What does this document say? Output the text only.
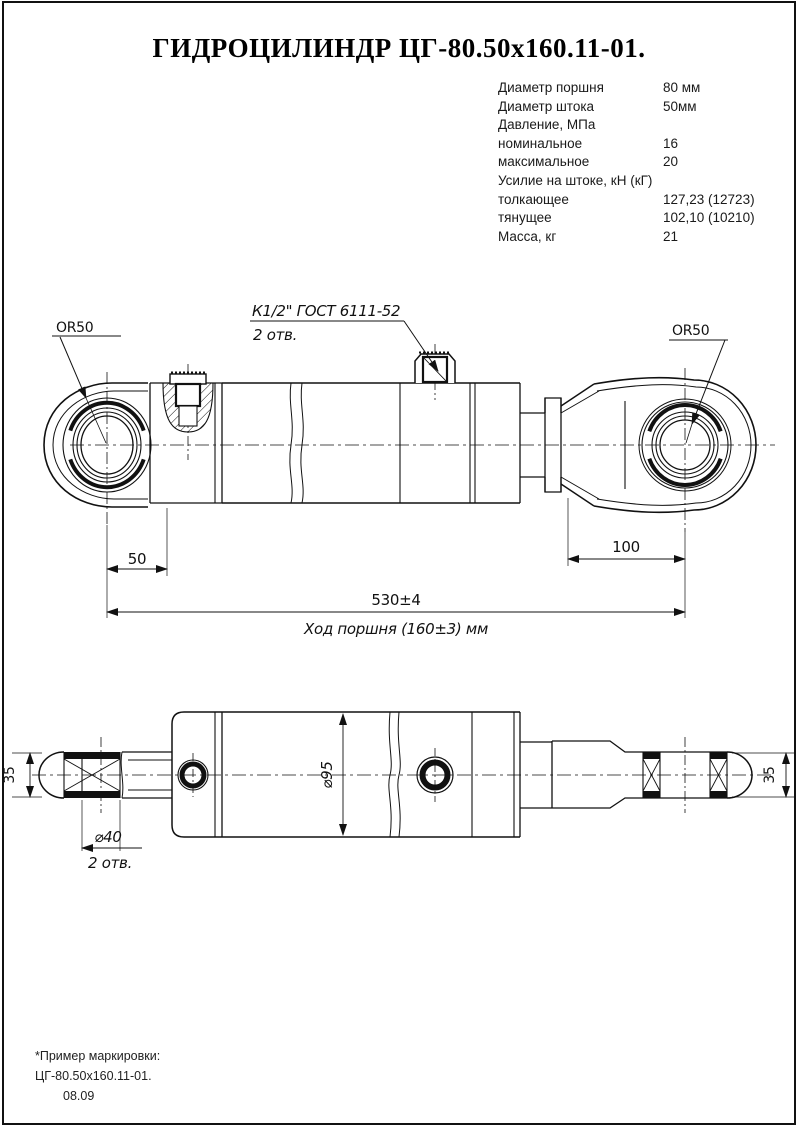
ГИДРОЦИЛИНДР ЦГ-80.50х160.11-01.
Диаметр поршня	80 мм
Диаметр штока	50мм
Давление, МПа
номинальное	16
максимальное	20
Усилие на штоке, кН (кГ)
толкающее	127,23 (12723)
тянущее	102,10 (10210)
Масса, кг	21
К1/2" ГОСТ 6111-52
2 отв.
ОR50	ОR50
50
100
530±4
Ход поршня (160±3) мм
35	35
⌀40
2 отв.
⌀95
*Пример маркировки:
ЦГ-80.50х160.11-01.
08.09
